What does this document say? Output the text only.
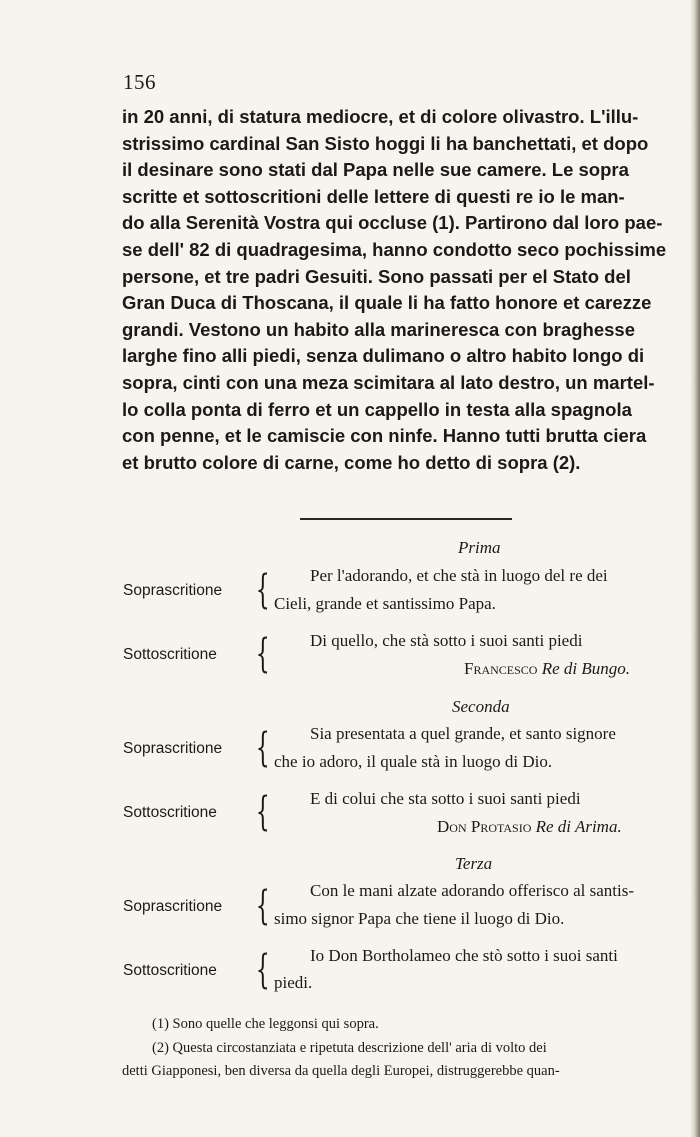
156
in 20 anni, di statura mediocre, et di colore olivastro. L'illu-
strissimo cardinal San Sisto hoggi li ha banchettati, et dopo
il desinare sono stati dal Papa nelle sue camere. Le sopra
scritte et sottoscritioni delle lettere di questi re io le man-
do alla Serenità Vostra qui occluse (1). Partirono dal loro pae-
se dell' 82 di quadragesima, hanno condotto seco pochissime
persone, et tre padri Gesuiti. Sono passati per el Stato del
Gran Duca di Thoscana, il quale li ha fatto honore et carezze
grandi. Vestono un habito alla marineresca con braghesse
larghe fino alli piedi, senza dulimano o altro habito longo di
sopra, cinti con una meza scimitara al lato destro, un martel-
lo colla ponta di ferro et un cappello in testa alla spagnola
con penne, et le camiscie con ninfe. Hanno tutti brutta ciera
et brutto colore di carne, come ho detto di sopra (2).
Prima
Soprascritione { Per l'adorando, et che stà in luogo del re dei
Cieli, grande et santissimo Papa.
Sottoscritione { Di quello, che stà sotto i suoi santi piedi
Francesco Re di Bungo.
Seconda
Soprascritione { Sia presentata a quel grande, et santo signore
che io adoro, il quale stà in luogo di Dio.
Sottoscritione { E di colui che sta sotto i suoi santi piedi
Don Protasio Re di Arima.
Terza
Soprascritione { Con le mani alzate adorando offerisco al santis-
simo signor Papa che tiene il luogo di Dio.
Sottoscritione { Io Don Bortholameo che stò sotto i suoi santi
piedi.
(1) Sono quelle che leggonsi qui sopra.
(2) Questa circostanziata e ripetuta descrizione dell' aria di volto dei
detti Giapponesi, ben diversa da quella degli Europei, distruggerebbe quan-
